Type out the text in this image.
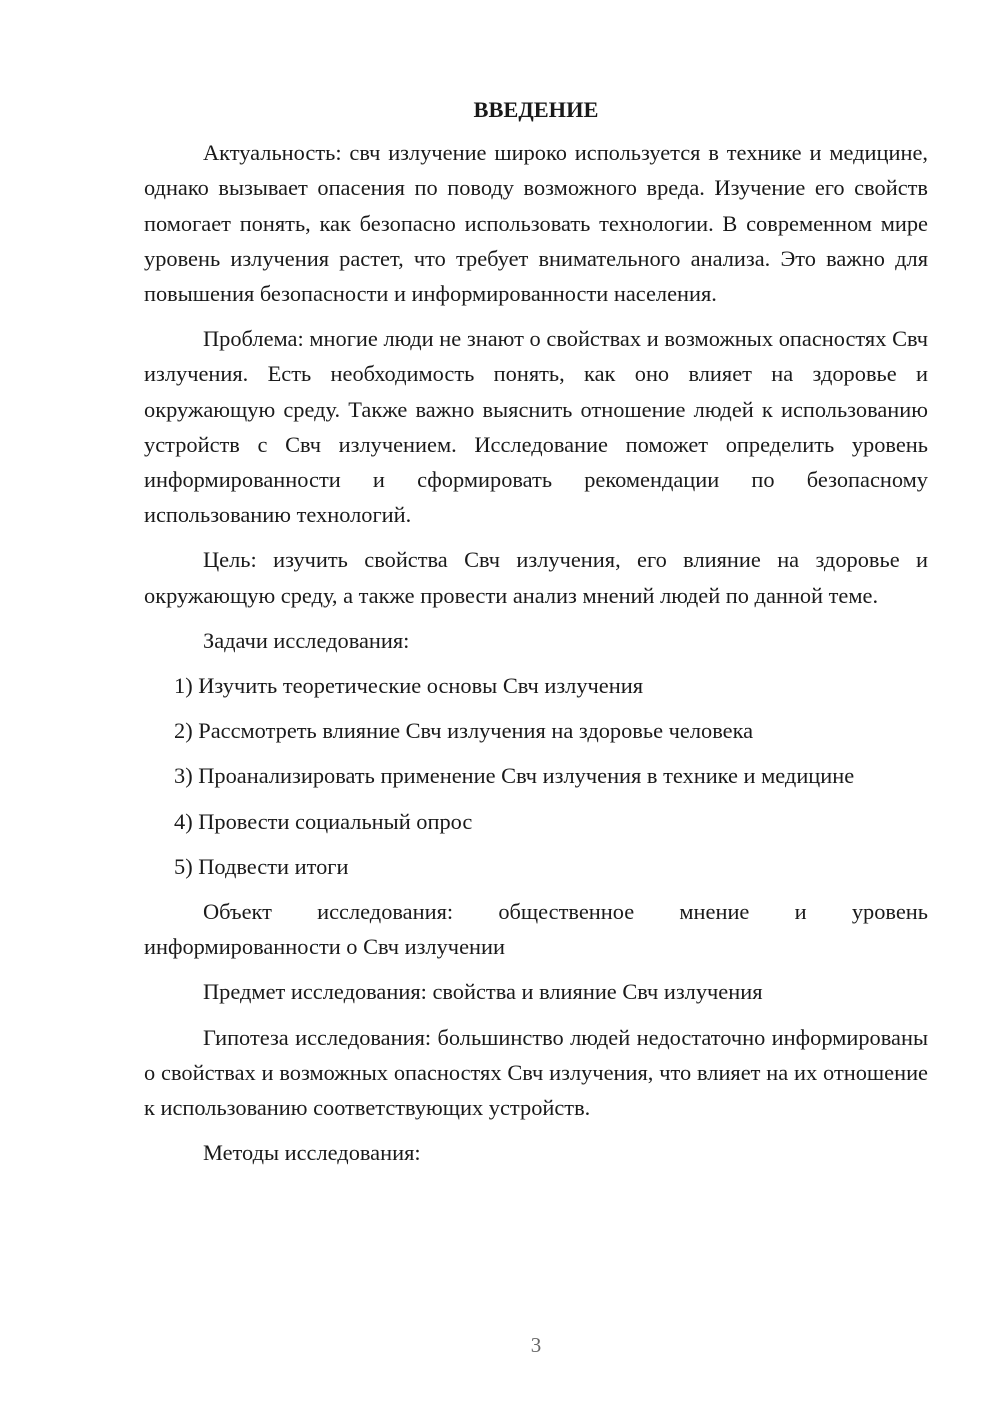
ВВЕДЕНИЕ

Актуальность: свч излучение широко используется в технике и медицине, однако вызывает опасения по поводу возможного вреда. Изучение его свойств помогает понять, как безопасно использовать технологии. В современном мире уровень излучения растет, что требует внимательного анализа. Это важно для повышения безопасности и информированности населения.

Проблема: многие люди не знают о свойствах и возможных опасностях Свч излучения. Есть необходимость понять, как оно влияет на здоровье и окружающую среду. Также важно выяснить отношение людей к использованию устройств с Свч излучением. Исследование поможет определить уровень информированности и сформировать рекомендации по безопасному использованию технологий.

Цель: изучить свойства Свч излучения, его влияние на здоровье и окружающую среду, а также провести анализ мнений людей по данной теме.

Задачи исследования:

1) Изучить теоретические основы Свч излучения
2) Рассмотреть влияние Свч излучения на здоровье человека
3) Проанализировать применение Свч излучения в технике и медицине
4) Провести социальный опрос
5) Подвести итоги

Объект исследования: общественное мнение и уровень информированности о Свч излучении

Предмет исследования: свойства и влияние Свч излучения

Гипотеза исследования: большинство людей недостаточно информированы о свойствах и возможных опасностях Свч излучения, что влияет на их отношение к использованию соответствующих устройств.

Методы исследования:

3
